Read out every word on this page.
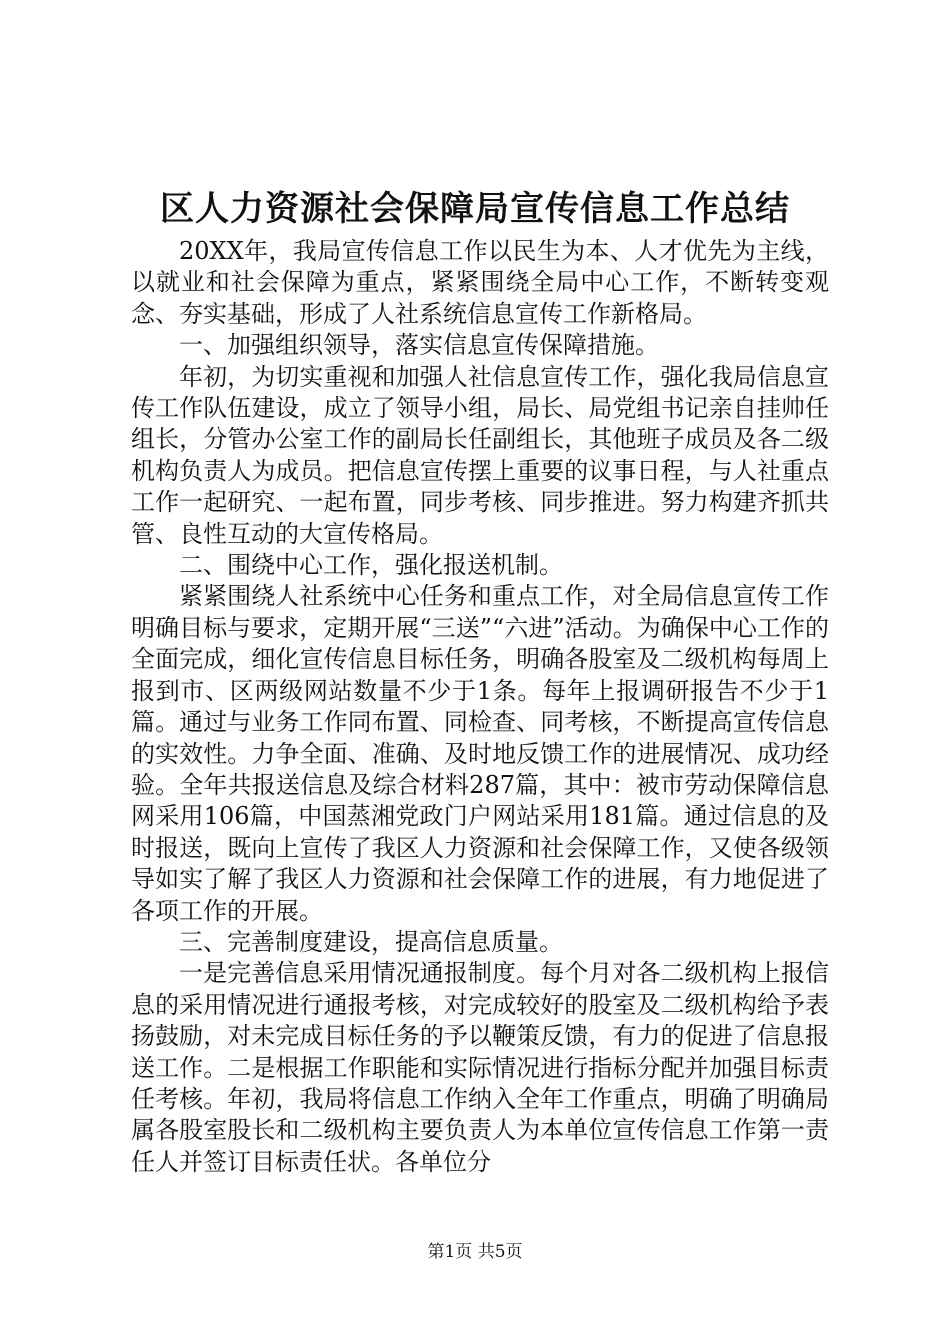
区人力资源社会保障局宣传信息工作总结

20XX年，我局宣传信息工作以民生为本、人才优先为主线，以就业和社会保障为重点，紧紧围绕全局中心工作，不断转变观念、夯实基础，形成了人社系统信息宣传工作新格局。

一、加强组织领导，落实信息宣传保障措施。

年初，为切实重视和加强人社信息宣传工作，强化我局信息宣传工作队伍建设，成立了领导小组，局长、局党组书记亲自挂帅任组长，分管办公室工作的副局长任副组长，其他班子成员及各二级机构负责人为成员。把信息宣传摆上重要的议事日程，与人社重点工作一起研究、一起布置，同步考核、同步推进。努力构建齐抓共管、良性互动的大宣传格局。

二、围绕中心工作，强化报送机制。

紧紧围绕人社系统中心任务和重点工作，对全局信息宣传工作明确目标与要求，定期开展“三送”“六进”活动。为确保中心工作的全面完成，细化宣传信息目标任务，明确各股室及二级机构每周上报到市、区两级网站数量不少于1条。每年上报调研报告不少于1篇。通过与业务工作同布置、同检查、同考核，不断提高宣传信息的实效性。力争全面、准确、及时地反馈工作的进展情况、成功经验。全年共报送信息及综合材料287篇，其中：被市劳动保障信息网采用106篇，中国蒸湘党政门户网站采用181篇。通过信息的及时报送，既向上宣传了我区人力资源和社会保障工作，又使各级领导如实了解了我区人力资源和社会保障工作的进展，有力地促进了各项工作的开展。

三、完善制度建设，提高信息质量。

一是完善信息采用情况通报制度。每个月对各二级机构上报信息的采用情况进行通报考核，对完成较好的股室及二级机构给予表扬鼓励，对未完成目标任务的予以鞭策反馈，有力的促进了信息报送工作。二是根据工作职能和实际情况进行指标分配并加强目标责任考核。年初，我局将信息工作纳入全年工作重点，明确了明确局属各股室股长和二级机构主要负责人为本单位宣传信息工作第一责任人并签订目标责任状。各单位分

第1页 共5页
